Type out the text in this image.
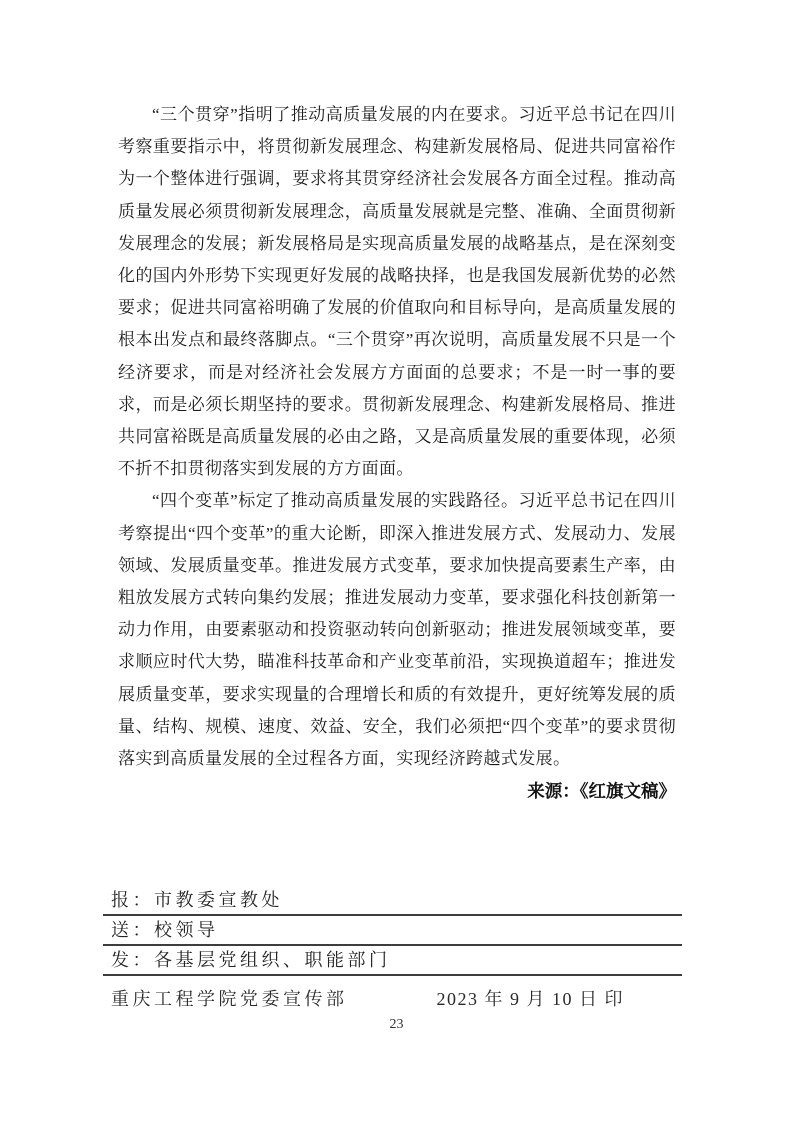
“三个贯穿”指明了推动高质量发展的内在要求。习近平总书记在四川考察重要指示中，将贯彻新发展理念、构建新发展格局、促进共同富裕作为一个整体进行强调，要求将其贯穿经济社会发展各方面全过程。推动高质量发展必须贯彻新发展理念，高质量发展就是完整、准确、全面贯彻新发展理念的发展；新发展格局是实现高质量发展的战略基点，是在深刻变化的国内外形势下实现更好发展的战略抉择，也是我国发展新优势的必然要求；促进共同富裕明确了发展的价值取向和目标导向，是高质量发展的根本出发点和最终落脚点。“三个贯穿”再次说明，高质量发展不只是一个经济要求，而是对经济社会发展方方面面的总要求；不是一时一事的要求，而是必须长期坚持的要求。贯彻新发展理念、构建新发展格局、推进共同富裕既是高质量发展的必由之路，又是高质量发展的重要体现，必须不折不扣贯彻落实到发展的方方面面。

“四个变革”标定了推动高质量发展的实践路径。习近平总书记在四川考察提出“四个变革”的重大论断，即深入推进发展方式、发展动力、发展领域、发展质量变革。推进发展方式变革，要求加快提高要素生产率，由粗放发展方式转向集约发展；推进发展动力变革，要求强化科技创新第一动力作用，由要素驱动和投资驱动转向创新驱动；推进发展领域变革，要求顺应时代大势，瞄准科技革命和产业变革前沿，实现换道超车；推进发展质量变革，要求实现量的合理增长和质的有效提升，更好统筹发展的质量、结构、规模、速度、效益、安全，我们必须把“四个变革”的要求贯彻落实到高质量发展的全过程各方面，实现经济跨越式发展。

来源：《红旗文稿》

报：市教委宣教处
送：校领导
发：各基层党组织、职能部门
重庆工程学院党委宣传部	2023 年 9 月 10 日 印
23
